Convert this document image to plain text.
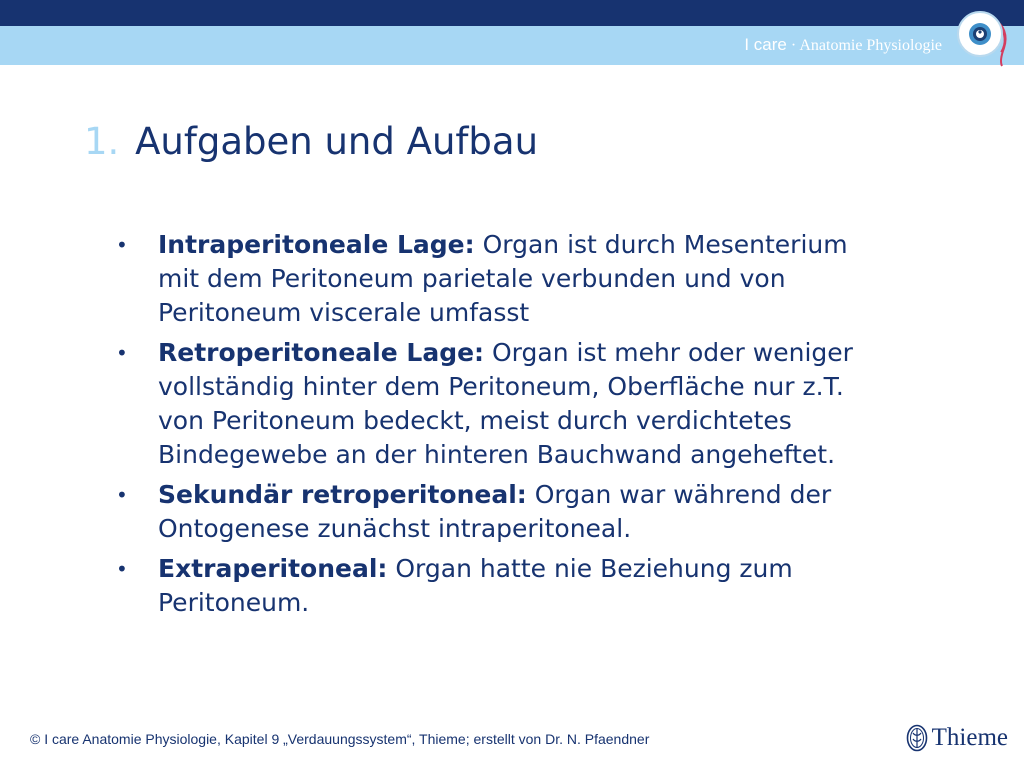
I care · Anatomie Physiologie
1. Aufgaben und Aufbau
• Intraperitoneale Lage: Organ ist durch Mesenterium mit dem Peritoneum parietale verbunden und von Peritoneum viscerale umfasst
• Retroperitoneale Lage: Organ ist mehr oder weniger vollständig hinter dem Peritoneum, Oberfläche nur z.T. von Peritoneum bedeckt, meist durch verdichtetes Bindegewebe an der hinteren Bauchwand angeheftet.
• Sekundär retroperitoneal: Organ war während der Ontogenese zunächst intraperitoneal.
• Extraperitoneal: Organ hatte nie Beziehung zum Peritoneum.
© I care Anatomie Physiologie, Kapitel 9 „Verdauungssystem“, Thieme; erstellt von Dr. N. Pfaendner	Thieme
